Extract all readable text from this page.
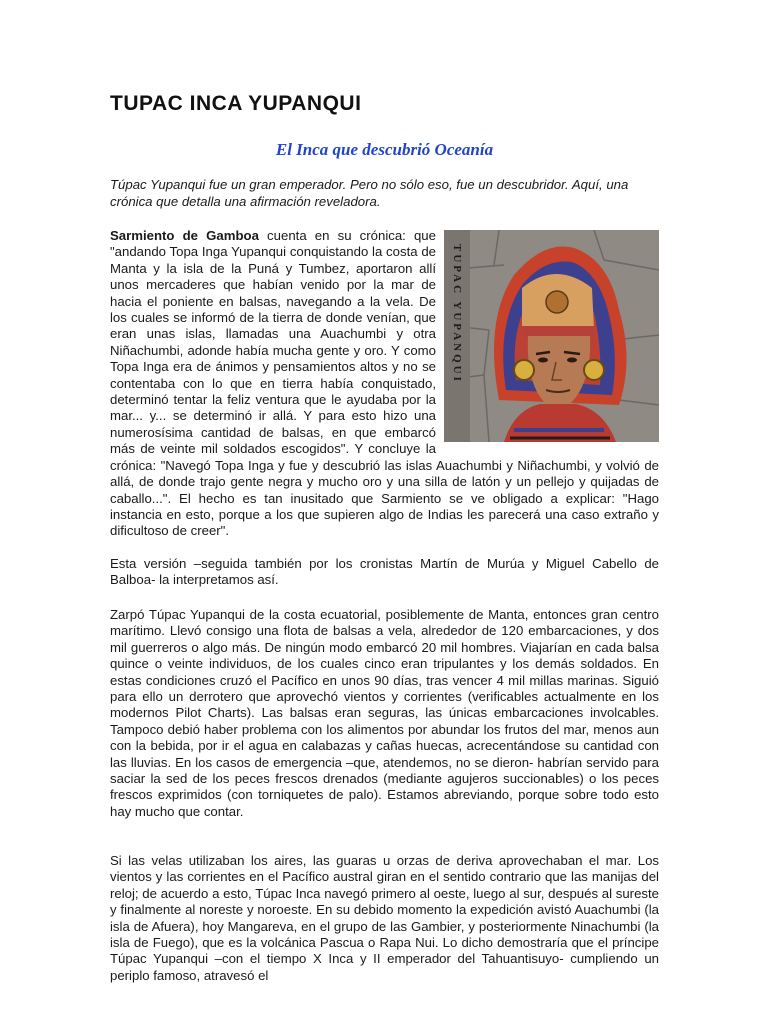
TUPAC INCA YUPANQUI
El Inca que descubrió Oceanía

Túpac Yupanqui fue un gran emperador. Pero no sólo eso, fue un descubridor. Aquí, una crónica que detalla una afirmación reveladora.

TUPAC YUPANQUI
Sarmiento de Gamboa cuenta en su crónica: que "andando Topa Inga Yupanqui conquistando la costa de Manta y la isla de la Puná y Tumbez, aportaron allí unos mercaderes que habían venido por la mar de hacia el poniente en balsas, navegando a la vela. De los cuales se informó de la tierra de donde venían, que eran unas islas, llamadas una Auachumbi y otra Niñachumbi, adonde había mucha gente y oro. Y como Topa Inga era de ánimos y pensamientos altos y no se contentaba con lo que en tierra había conquistado, determinó tentar la feliz ventura que le ayudaba por la mar... y... se determinó ir allá. Y para esto hizo una numerosísima cantidad de balsas, en que embarcó más de veinte mil soldados escogidos". Y concluye la crónica: "Navegó Topa Inga y fue y descubrió las islas Auachumbi y Niñachumbi, y volvió de allá, de donde trajo gente negra y mucho oro y una silla de latón y un pellejo y quijadas de caballo...". El hecho es tan inusitado que Sarmiento se ve obligado a explicar: "Hago instancia en esto, porque a los que supieren algo de Indias les parecerá una caso extraño y dificultoso de creer".

Esta versión –seguida también por los cronistas Martín de Murúa y Miguel Cabello de Balboa- la interpretamos así.

Zarpó Túpac Yupanqui de la costa ecuatorial, posiblemente de Manta, entonces gran centro marítimo. Llevó consigo una flota de balsas a vela, alrededor de 120 embarcaciones, y dos mil guerreros o algo más. De ningún modo embarcó 20 mil hombres. Viajarían en cada balsa quince o veinte individuos, de los cuales cinco eran tripulantes y los demás soldados. En estas condiciones cruzó el Pacífico en unos 90 días, tras vencer 4 mil millas marinas. Siguió para ello un derrotero que aprovechó vientos y corrientes (verificables actualmente en los modernos Pilot Charts). Las balsas eran seguras, las únicas embarcaciones involcables. Tampoco debió haber problema con los alimentos por abundar los frutos del mar, menos aun con la bebida, por ir el agua en calabazas y cañas huecas, acrecentándose su cantidad con las lluvias. En los casos de emergencia –que, atendemos, no se dieron- habrían servido para saciar la sed de los peces frescos drenados (mediante agujeros succionables) o los peces frescos exprimidos (con torniquetes de palo). Estamos abreviando, porque sobre todo esto hay mucho que contar.

Si las velas utilizaban los aires, las guaras u orzas de deriva aprovechaban el mar. Los vientos y las corrientes en el Pacífico austral giran en el sentido contrario que las manijas del reloj; de acuerdo a esto, Túpac Inca navegó primero al oeste, luego al sur, después al sureste y finalmente al noreste y noroeste. En su debido momento la expedición avistó Auachumbi (la isla de Afuera), hoy Mangareva, en el grupo de las Gambier, y posteriormente Ninachumbi (la isla de Fuego), que es la volcánica Pascua o Rapa Nui. Lo dicho demostraría que el príncipe Túpac Yupanqui –con el tiempo X Inca y II emperador del Tahuantisuyo- cumpliendo un periplo famoso, atravesó el
